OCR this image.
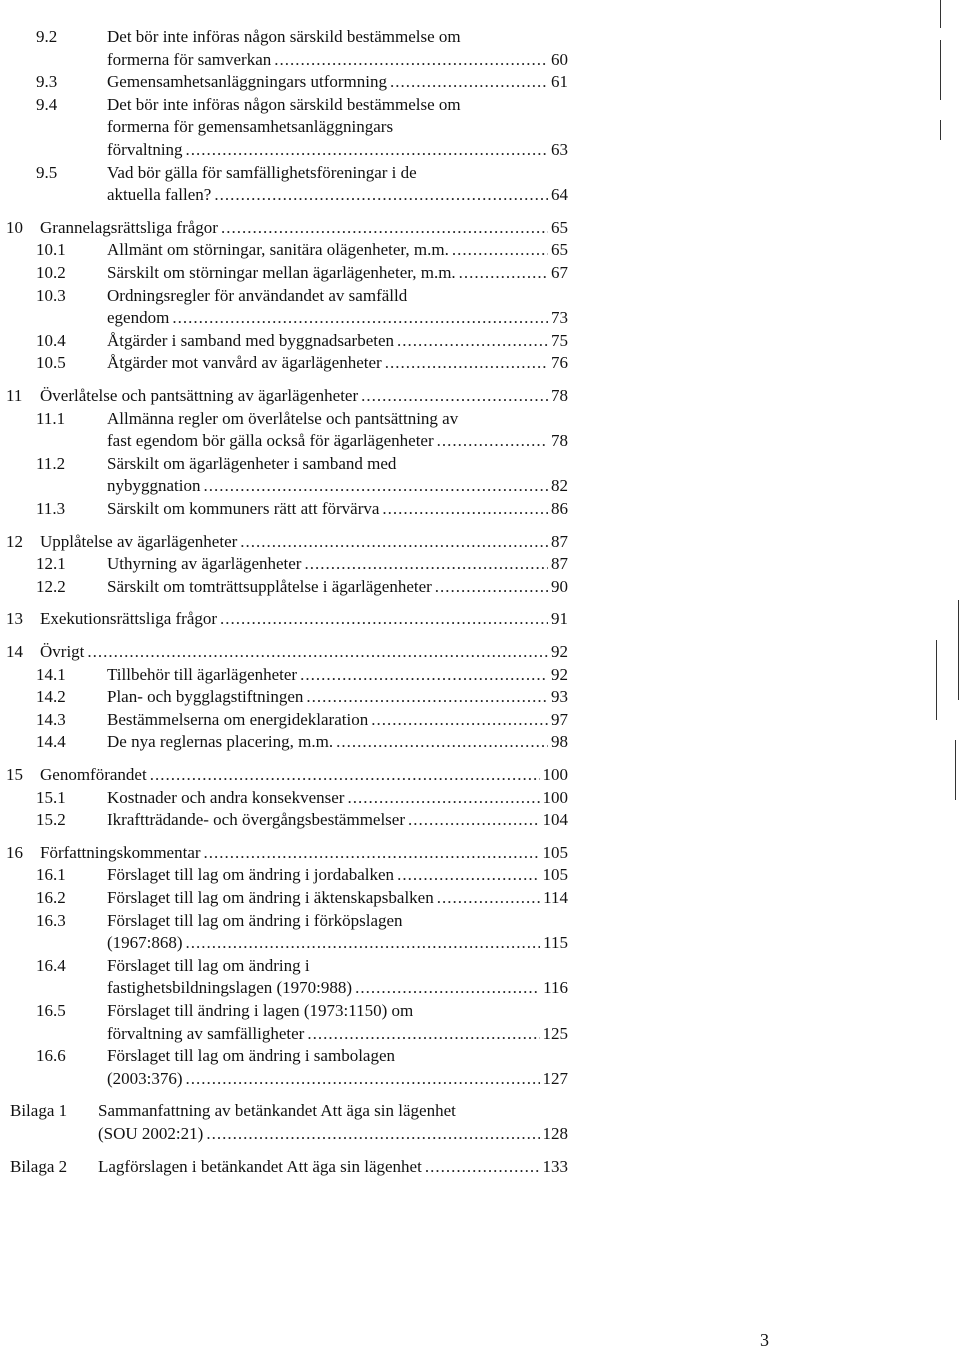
9.2	Det bör inte införas någon särskild bestämmelse om
formerna för samverkan .....	60
9.3	Gemensamhetsanläggningars utformning .....	61
9.4	Det bör inte införas någon särskild bestämmelse om
formerna för gemensamhetsanläggningars
förvaltning .....	63
9.5	Vad bör gälla för samfällighetsföreningar i de
aktuella fallen? .....	64
10 Grannelagsrättsliga frågor .....	65
10.1 Allmänt om störningar, sanitära olägenheter, m.m. .....	65
10.2 Särskilt om störningar mellan ägarlägenheter, m.m. .....	67
10.3 Ordningsregler för användandet av samfälld
egendom .....	73
10.4 Åtgärder i samband med byggnadsarbeten .....	75
10.5 Åtgärder mot vanvård av ägarlägenheter .....	76
11 Överlåtelse och pantsättning av ägarlägenheter .....	78
11.1 Allmänna regler om överlåtelse och pantsättning av
fast egendom bör gälla också för ägarlägenheter .....	78
11.2 Särskilt om ägarlägenheter i samband med
nybyggnation .....	82
11.3 Särskilt om kommuners rätt att förvärva .....	86
12 Upplåtelse av ägarlägenheter .....	87
12.1 Uthyrning av ägarlägenheter .....	87
12.2 Särskilt om tomträttsupplåtelse i ägarlägenheter .....	90
13 Exekutionsrättsliga frågor .....	91
14 Övrigt .....	92
14.1 Tillbehör till ägarlägenheter .....	92
14.2 Plan- och bygglagstiftningen .....	93
14.3 Bestämmelserna om energideklaration .....	97
14.4 De nya reglernas placering, m.m. .....	98
15 Genomförandet .....	100
15.1 Kostnader och andra konsekvenser .....	100
15.2 Ikraftträdande- och övergångsbestämmelser .....	104
16 Författningskommentar .....	105
16.1 Förslaget till lag om ändring i jordabalken .....	105
16.2 Förslaget till lag om ändring i äktenskapsbalken .....	114
16.3 Förslaget till lag om ändring i förköpslagen
(1967:868) .....	115
16.4 Förslaget till lag om ändring i
fastighetsbildningslagen (1970:988) .....	116
16.5 Förslaget till ändring i lagen (1973:1150) om
förvaltning av samfälligheter .....	125
16.6 Förslaget till lag om ändring i sambolagen
(2003:376) .....	127
Bilaga 1 Sammanfattning av betänkandet Att äga sin lägenhet
(SOU 2002:21) .....	128
Bilaga 2 Lagförslagen i betänkandet Att äga sin lägenhet .....	133
3
